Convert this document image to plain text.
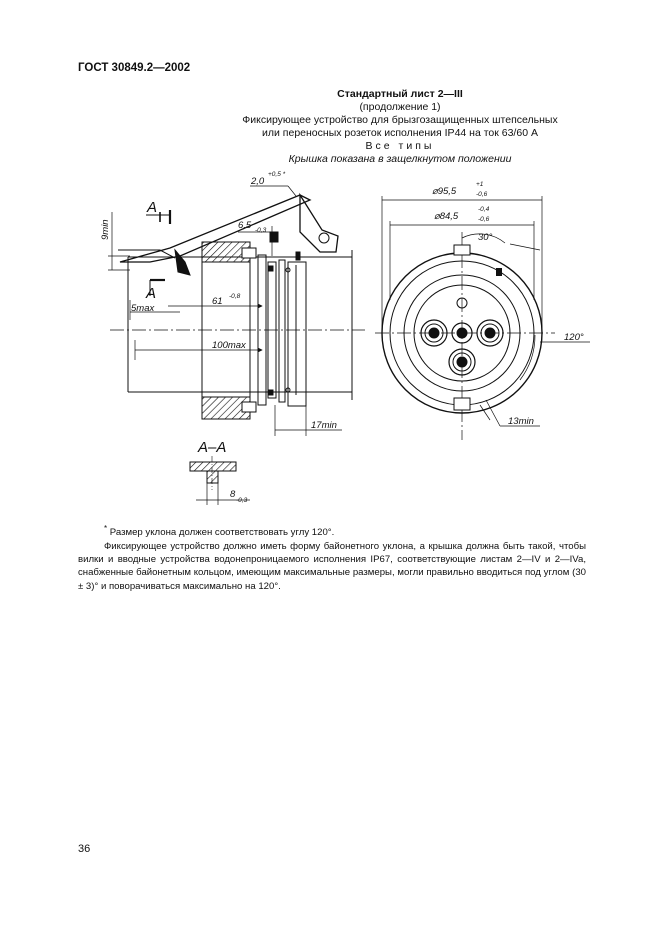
ГОСТ 30849.2—2002
Стандартный лист 2—III
(продолжение 1)
Фиксирующее устройство для брызгозащищенных штепсельных
или переносных розеток исполнения IP44 на ток 63/60 А
Все типы
Крышка показана в защелкнутом положении
A
A
2,0
+0,5 *
6,5 -0,3
9min
5max
61 -0,8
100max
17min
⌀95,5
+1
-0,6
⌀84,5
-0,4
-0,6
30°
120°
13min
A–A
8
-0,3

* Размер уклона должен соответствовать углу 120°.

Фиксирующее устройство должно иметь форму байонетного уклона, а крышка должна быть такой, чтобы вилки и вводные устройства водонепроницаемого исполнения IP67, соответствующие листам 2—IV и 2—IVa, снабженные байонетным кольцом, имеющим максимальные размеры, могли правильно вводиться под углом (30 ± 3)° и поворачиваться максимально на 120°.

36
